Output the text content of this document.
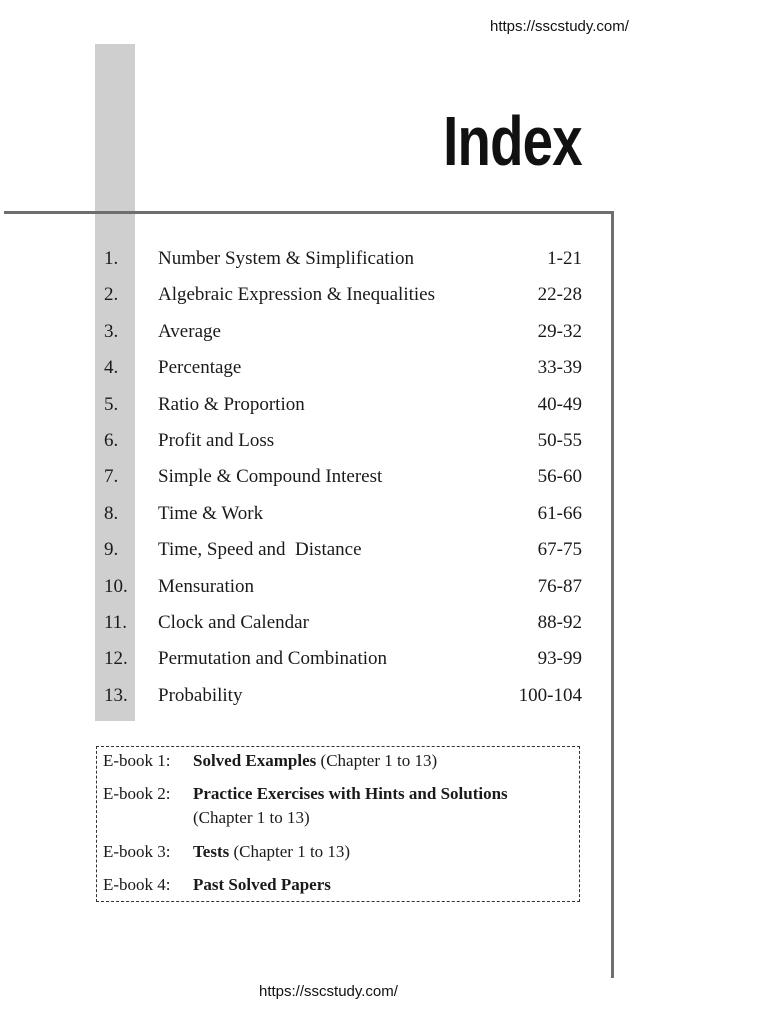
https://sscstudy.com/
Index
1. Number System & Simplification	1-21
2. Algebraic Expression & Inequalities	22-28
3. Average	29-32
4. Percentage	33-39
5. Ratio & Proportion	40-49
6. Profit and Loss	50-55
7. Simple & Compound Interest	56-60
8. Time & Work	61-66
9. Time, Speed and  Distance	67-75
10. Mensuration	76-87
11. Clock and Calendar	88-92
12. Permutation and Combination	93-99
13. Probability	100-104
E-book 1: Solved Examples (Chapter 1 to 13)
E-book 2: Practice Exercises with Hints and Solutions
(Chapter 1 to 13)
E-book 3: Tests (Chapter 1 to 13)
E-book 4: Past Solved Papers
https://sscstudy.com/
